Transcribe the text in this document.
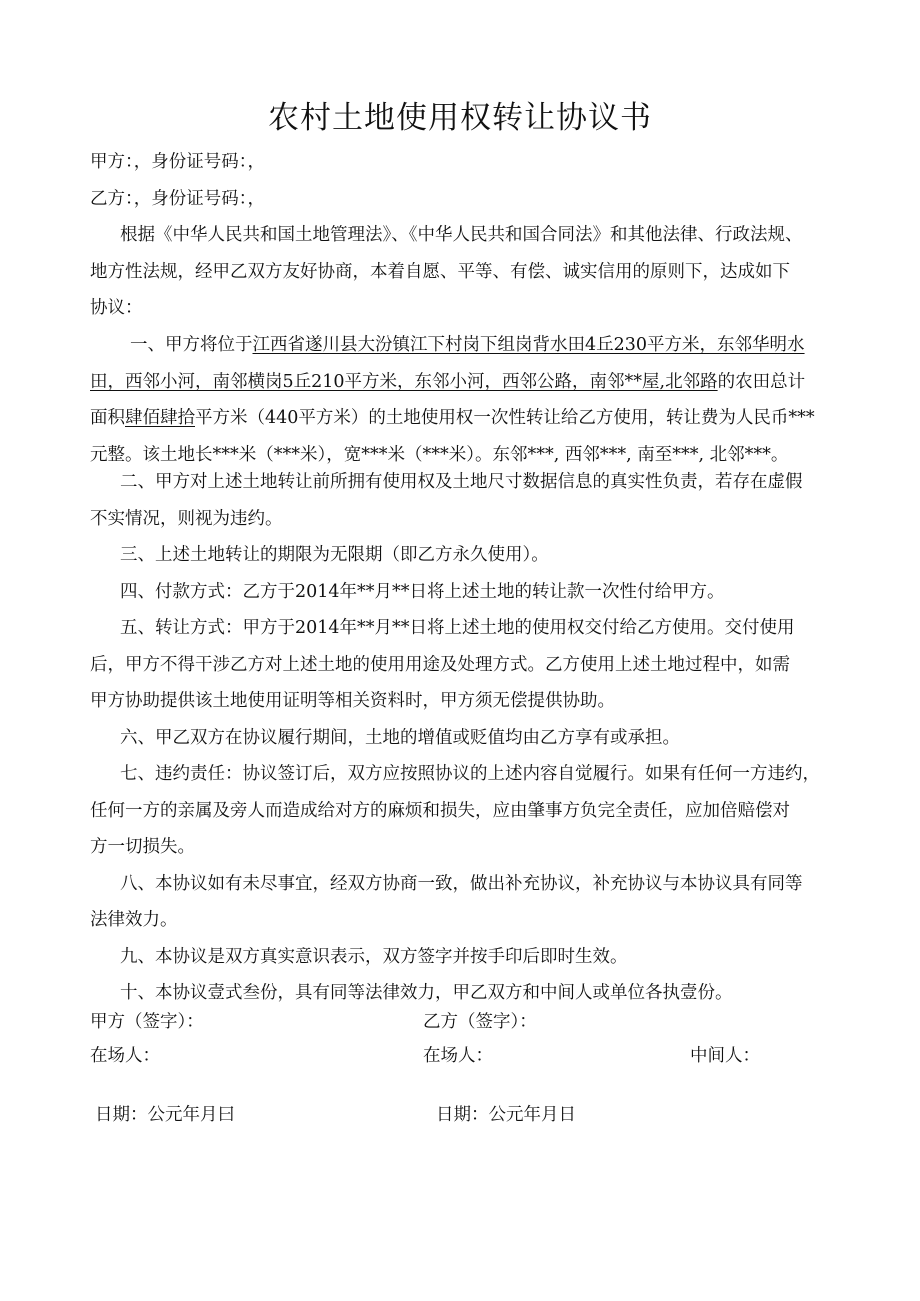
农村土地使用权转让协议书
甲方：，身份证号码：，
乙方：，身份证号码：，
根据《中华人民共和国土地管理法》、《中华人民共和国合同法》和其他法律、行政法规、
地方性法规，经甲乙双方友好协商，本着自愿、平等、有偿、诚实信用的原则下，达成如下
协议：
一、甲方将位于江西省遂川县大汾镇江下村岗下组岗背水田4丘230平方米，东邻华明水
田，西邻小河，南邻横岗5丘210平方米，东邻小河，西邻公路，南邻**屋,北邻路的农田总计
面积肆佰肆拾平方米（440平方米）的土地使用权一次性转让给乙方使用，转让费为人民币***
元整。该土地长***米（***米），宽***米（***米）。东邻***, 西邻***, 南至***, 北邻***。
二、甲方对上述土地转让前所拥有使用权及土地尺寸数据信息的真实性负责，若存在虚假
不实情况，则视为违约。
三、上述土地转让的期限为无限期（即乙方永久使用）。
四、付款方式：乙方于2014年**月**日将上述土地的转让款一次性付给甲方。
五、转让方式：甲方于2014年**月**日将上述土地的使用权交付给乙方使用。交付使用
后，甲方不得干涉乙方对上述土地的使用用途及处理方式。乙方使用上述土地过程中，如需
甲方协助提供该土地使用证明等相关资料时，甲方须无偿提供协助。
六、甲乙双方在协议履行期间，土地的增值或贬值均由乙方享有或承担。
七、违约责任：协议签订后，双方应按照协议的上述内容自觉履行。如果有任何一方违约，
任何一方的亲属及旁人而造成给对方的麻烦和损失，应由肇事方负完全责任，应加倍赔偿对
方一切损失。
八、本协议如有未尽事宜，经双方协商一致，做出补充协议，补充协议与本协议具有同等
法律效力。
九、本协议是双方真实意识表示，双方签字并按手印后即时生效。
十、本协议壹式叁份，具有同等法律效力，甲乙双方和中间人或单位各执壹份。
甲方（签字）：	乙方（签字）：
在场人：	在场人：	中间人：
日期：公元年月曰	日期：公元年月日
